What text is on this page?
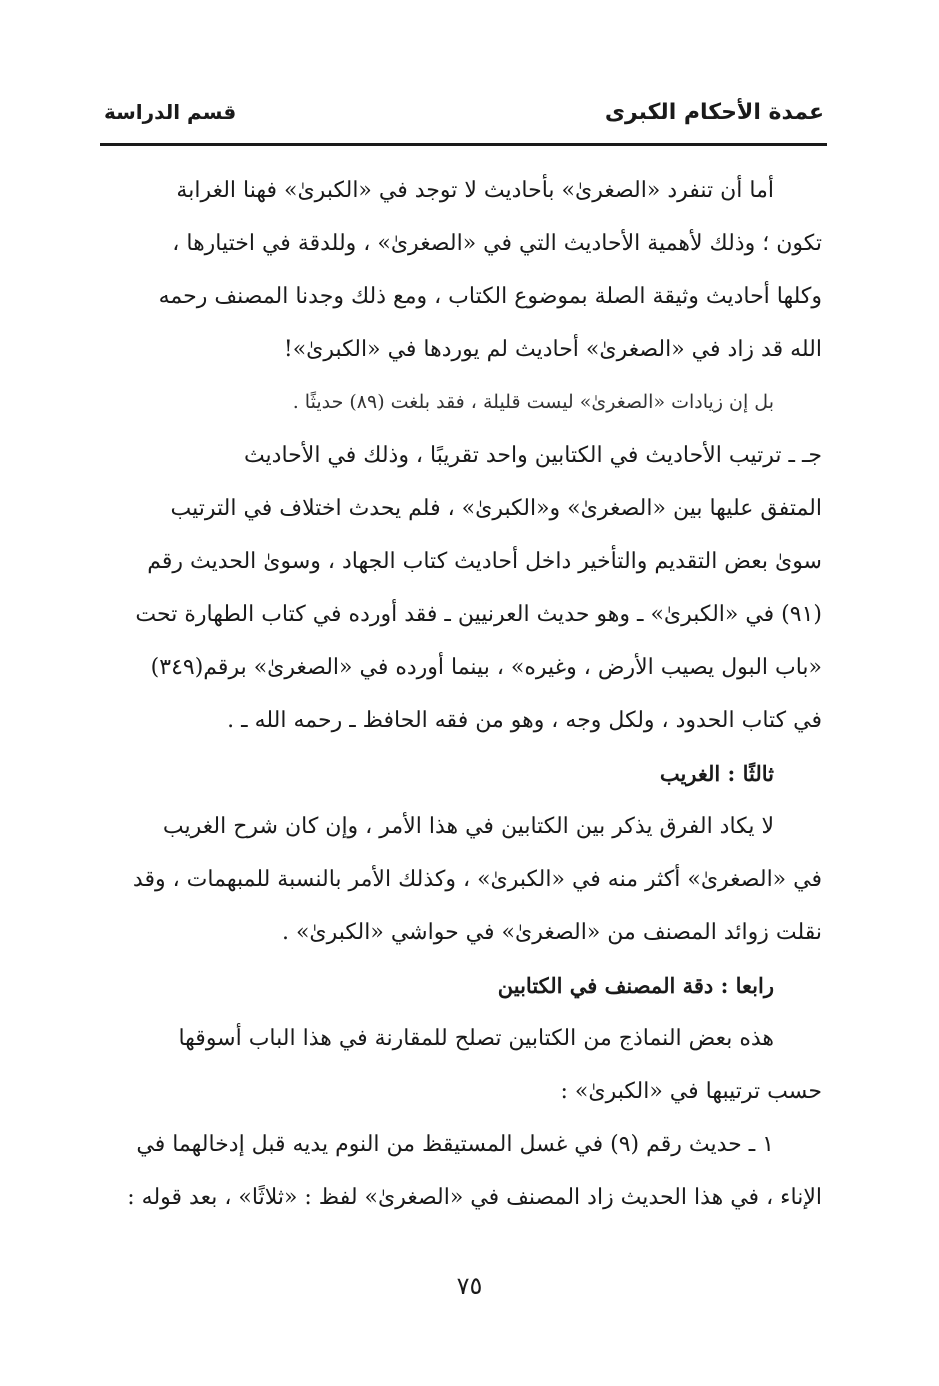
عمدة الأحكام الكبرى
قسم الدراسة
أما أن تنفرد «الصغرىٰ» بأحاديث لا توجد في «الكبرىٰ» فهنا الغرابة
تكون ؛ وذلك لأهمية الأحاديث التي في «الصغرىٰ» ، وللدقة في اختيارها ،
وكلها أحاديث وثيقة الصلة بموضوع الكتاب ، ومع ذلك وجدنا المصنف رحمه
الله قد زاد في «الصغرىٰ» أحاديث لم يوردها في «الكبرىٰ»!
بل إن زيادات «الصغرىٰ» ليست قليلة ، فقد بلغت (٨٩) حديثًا .
جـ ـ ترتيب الأحاديث في الكتابين واحد تقريبًا ، وذلك في الأحاديث
المتفق عليها بين «الصغرىٰ» و«الكبرىٰ» ، فلم يحدث اختلاف في الترتيب
سوىٰ بعض التقديم والتأخير داخل أحاديث كتاب الجهاد ، وسوىٰ الحديث رقم
(٩١) في «الكبرىٰ» ـ وهو حديث العرنيين ـ فقد أورده في كتاب الطهارة تحت
«باب البول يصيب الأرض ، وغيره» ، بينما أورده في «الصغرىٰ» برقم(٣٤٩)
في كتاب الحدود ، ولكل وجه ، وهو من فقه الحافظ ـ رحمه الله ـ .
ثالثًا : الغريب
لا يكاد الفرق يذكر بين الكتابين في هذا الأمر ، وإن كان شرح الغريب
في «الصغرىٰ» أكثر منه في «الكبرىٰ» ، وكذلك الأمر بالنسبة للمبهمات ، وقد
نقلت زوائد المصنف من «الصغرىٰ» في حواشي «الكبرىٰ» .
رابعا : دقة المصنف في الكتابين
هذه بعض النماذج من الكتابين تصلح للمقارنة في هذا الباب أسوقها
حسب ترتيبها في «الكبرىٰ» :
١ ـ حديث رقم (٩) في غسل المستيقظ من النوم يديه قبل إدخالهما في
الإناء ، في هذا الحديث زاد المصنف في «الصغرىٰ» لفظ : «ثلاثًا» ، بعد قوله :
٧٥
